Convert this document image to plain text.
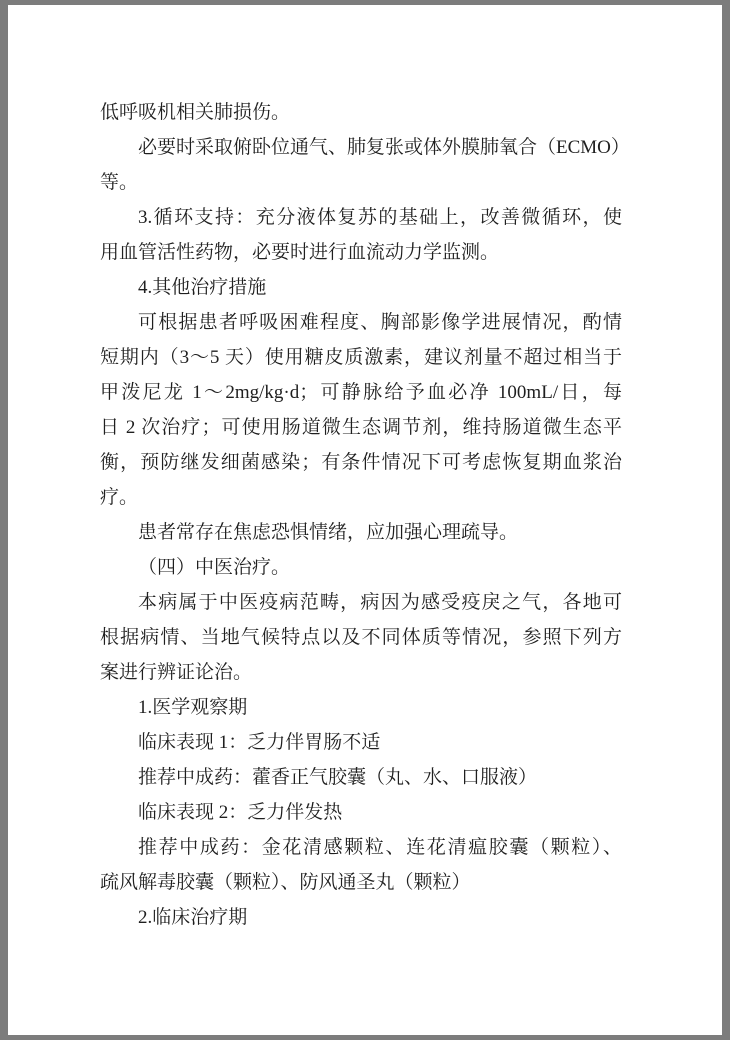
低呼吸机相关肺损伤。
必要时采取俯卧位通气、肺复张或体外膜肺氧合（ECMO）
等。
3.循环支持：充分液体复苏的基础上，改善微循环，使
用血管活性药物，必要时进行血流动力学监测。
4.其他治疗措施
可根据患者呼吸困难程度、胸部影像学进展情况，酌情
短期内（3～5 天）使用糖皮质激素，建议剂量不超过相当于
甲泼尼龙 1～2mg/kg·d；可静脉给予血必净 100mL/日，每
日 2 次治疗；可使用肠道微生态调节剂，维持肠道微生态平
衡，预防继发细菌感染；有条件情况下可考虑恢复期血浆治
疗。
患者常存在焦虑恐惧情绪，应加强心理疏导。
（四）中医治疗。
本病属于中医疫病范畴，病因为感受疫戾之气，各地可
根据病情、当地气候特点以及不同体质等情况，参照下列方
案进行辨证论治。
1.医学观察期
临床表现 1：乏力伴胃肠不适
推荐中成药：藿香正气胶囊（丸、水、口服液）
临床表现 2：乏力伴发热
推荐中成药：金花清感颗粒、连花清瘟胶囊（颗粒）、
疏风解毒胶囊（颗粒）、防风通圣丸（颗粒）
2.临床治疗期
